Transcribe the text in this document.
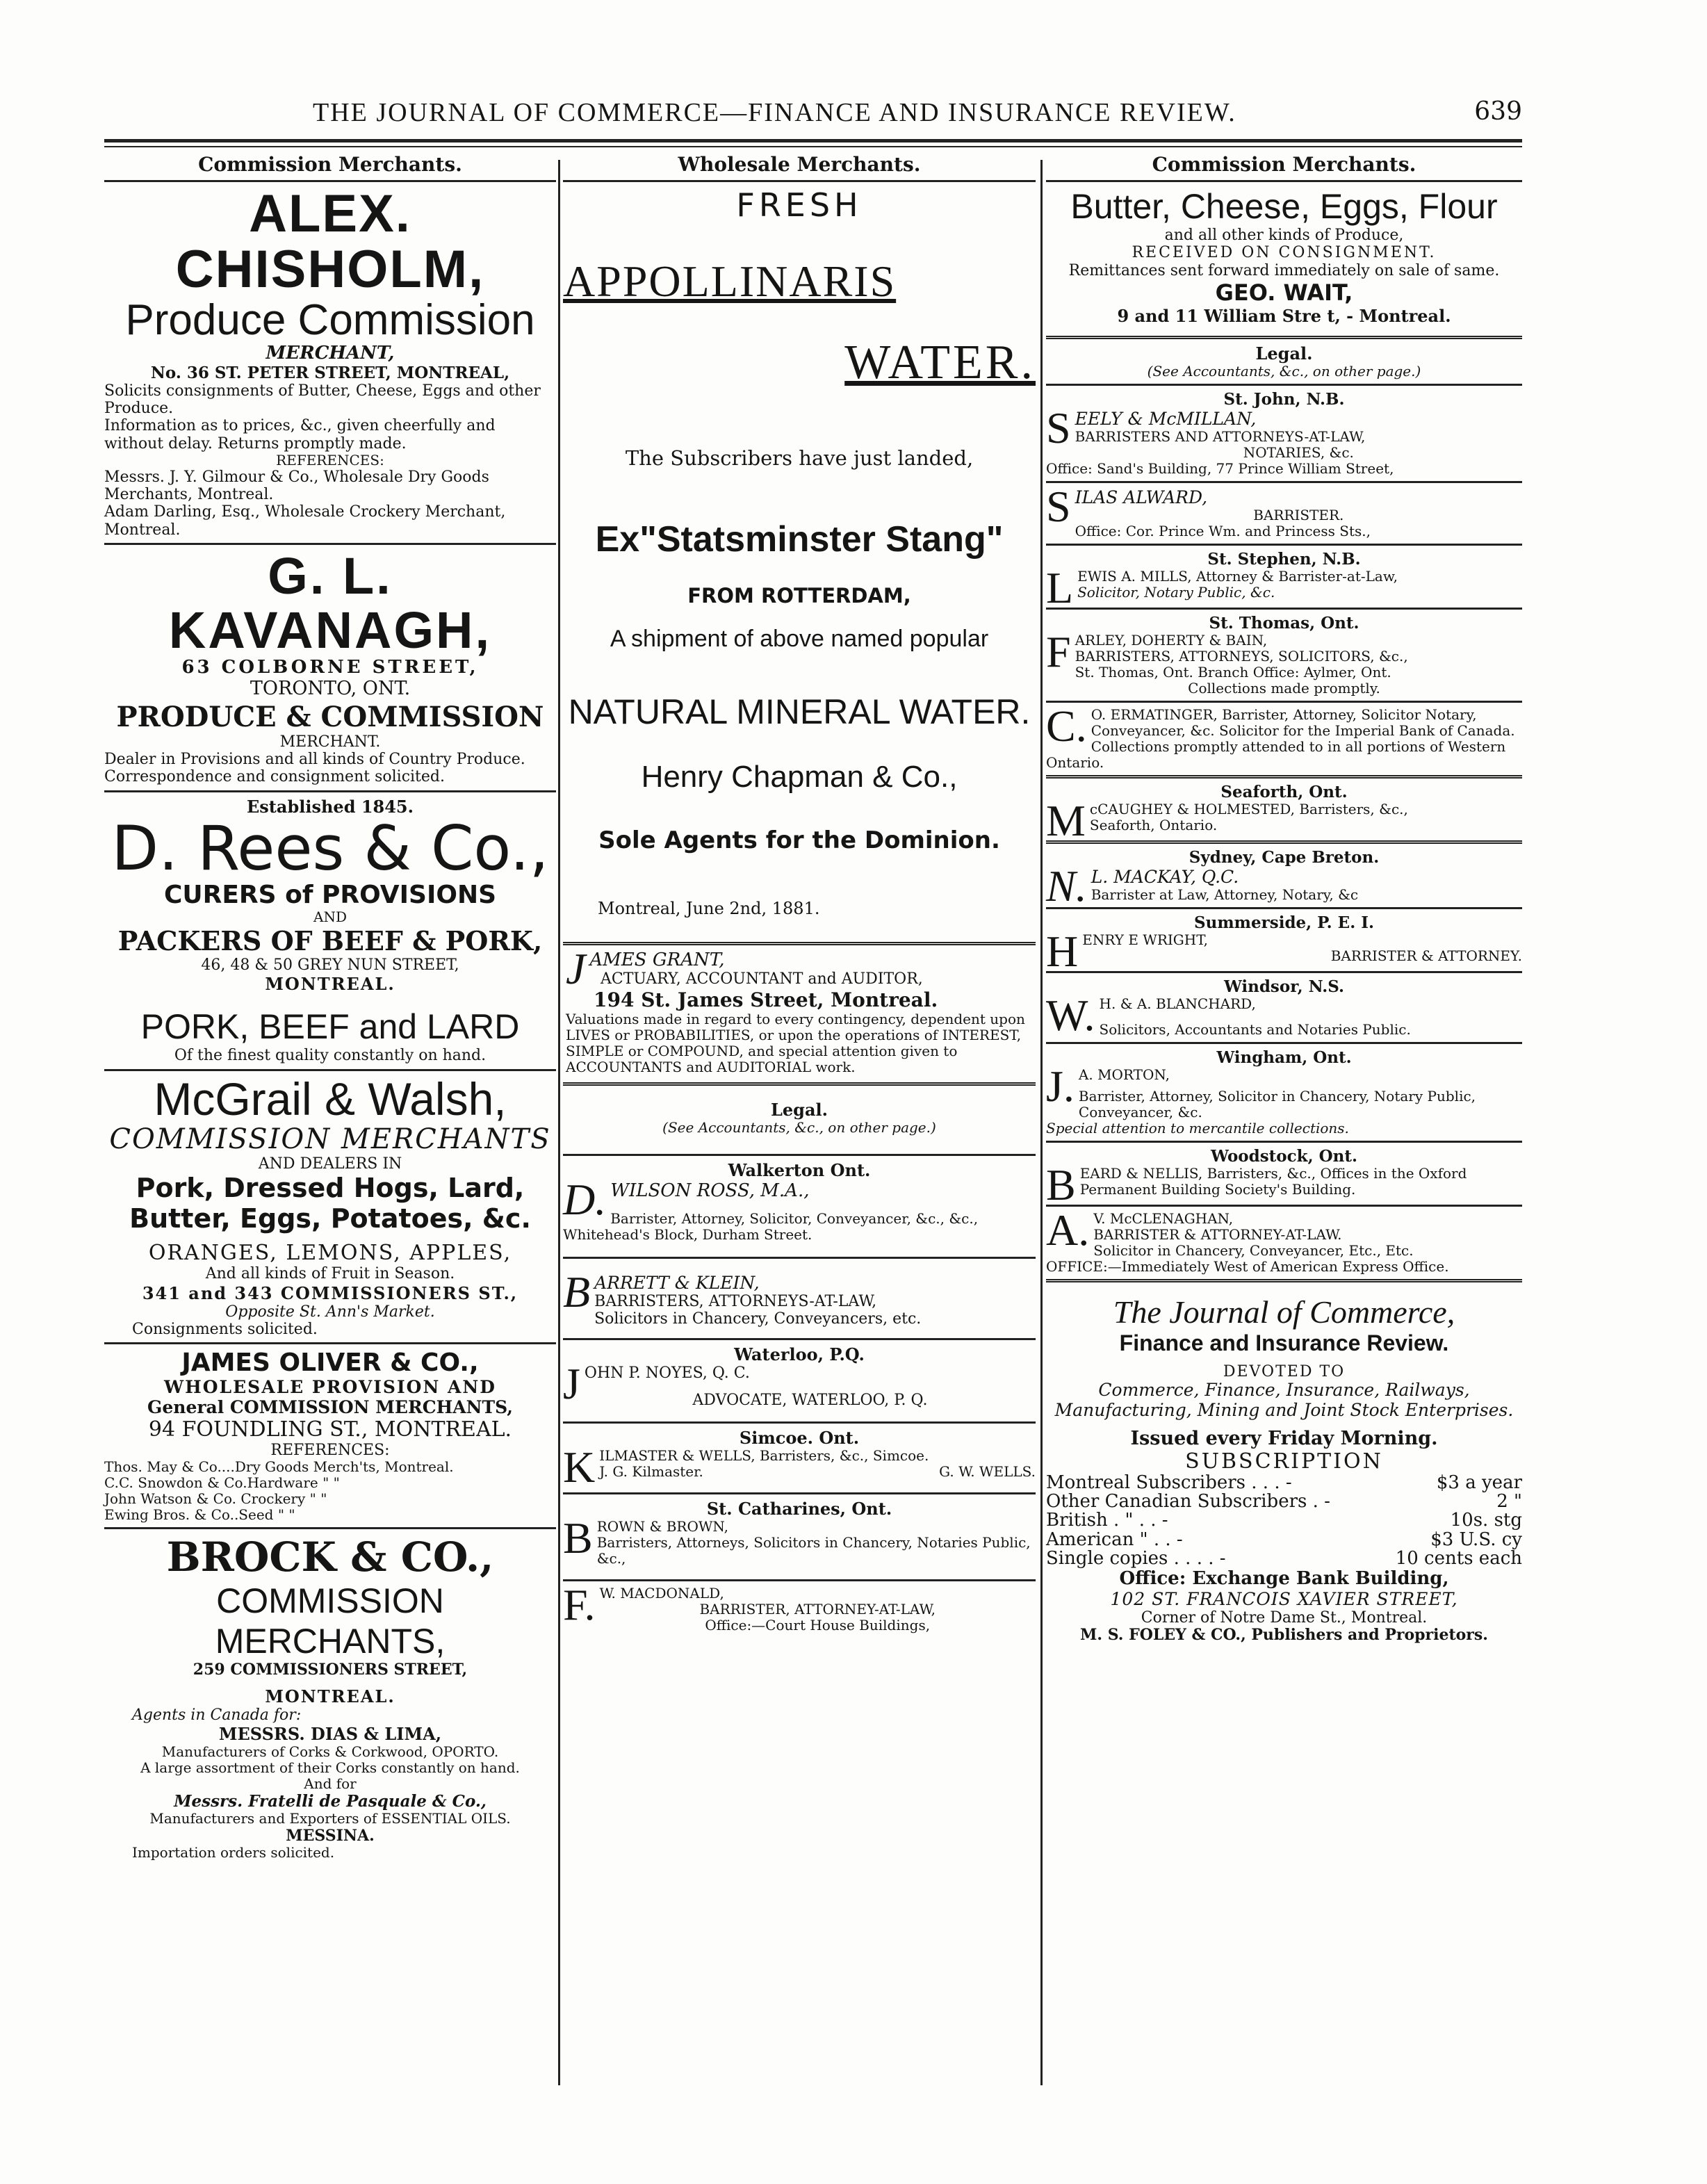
THE JOURNAL OF COMMERCE—FINANCE AND INSURANCE REVIEW.	639
Commission Merchants.
ALEX. CHISHOLM,
Produce Commission
MERCHANT,
No. 36 ST. PETER STREET, MONTREAL,
Solicits consignments of Butter, Cheese, Eggs and other Produce.
Information as to prices, &c., given cheerfully and without delay. Returns promptly made.
REFERENCES:
Messrs. J. Y. Gilmour & Co., Wholesale Dry Goods Merchants, Montreal.
Adam Darling, Esq., Wholesale Crockery Merchant, Montreal.
G. L. KAVANAGH,
63 COLBORNE STREET,
TORONTO, ONT.
PRODUCE & COMMISSION
MERCHANT.
Dealer in Provisions and all kinds of Country Produce. Correspondence and consignment solicited.
Established 1845.
D. Rees & Co.,
CURERS of PROVISIONS
AND
PACKERS OF BEEF & PORK,
46, 48 & 50 GREY NUN STREET,
MONTREAL.
PORK, BEEF and LARD
Of the finest quality constantly on hand.
McGrail & Walsh,
COMMISSION MERCHANTS
AND DEALERS IN
Pork, Dressed Hogs, Lard,
Butter, Eggs, Potatoes, &c.
ORANGES, LEMONS, APPLES,
And all kinds of Fruit in Season.
341 and 343 COMMISSIONERS ST.,
Opposite St. Ann's Market.
Consignments solicited.
JAMES OLIVER & CO.,
WHOLESALE PROVISION AND
General COMMISSION MERCHANTS,
94 FOUNDLING ST., MONTREAL.
REFERENCES:
Thos. May & Co....Dry Goods Merch'ts, Montreal.
C.C. Snowdon & Co.Hardware " "
John Watson & Co. Crockery " "
Ewing Bros. & Co..Seed " "
BROCK & CO.,
COMMISSION MERCHANTS,
259 COMMISSIONERS STREET,
MONTREAL.
Agents in Canada for:
MESSRS. DIAS & LIMA,
Manufacturers of Corks & Corkwood, OPORTO.
A large assortment of their Corks constantly on hand.
And for
Messrs. Fratelli de Pasquale & Co.,
Manufacturers and Exporters of ESSENTIAL OILS.
MESSINA.
Importation orders solicited.
Wholesale Merchants.
FRESH
APPOLLINARIS
WATER.
The Subscribers have just landed,
Ex"Statsminster Stang"
FROM ROTTERDAM,
A shipment of above named popular
NATURAL MINERAL WATER.
Henry Chapman & Co.,
Sole Agents for the Dominion.
Montreal, June 2nd, 1881.
J AMES GRANT,
ACTUARY, ACCOUNTANT and AUDITOR,
194 St. James Street, Montreal.
Valuations made in regard to every contingency, dependent upon LIVES or PROBABILITIES, or upon the operations of INTEREST, SIMPLE or COMPOUND, and special attention given to ACCOUNTANTS and AUDITORIAL work.
Legal.
(See Accountants, &c., on other page.)
Walkerton Ont.
D. WILSON ROSS, M.A.,
Barrister, Attorney, Solicitor, Conveyancer, &c., &c., Whitehead's Block, Durham Street.
B ARRETT & KLEIN,
BARRISTERS, ATTORNEYS-AT-LAW,
Solicitors in Chancery, Conveyancers, etc.
Waterloo, P.Q.
J OHN P. NOYES, Q. C.
ADVOCATE, WATERLOO, P. Q.
Simcoe. Ont.
K ILMASTER & WELLS, Barristers, &c., Simcoe.
J. G. Kilmaster.	G. W. WELLS.
St. Catharines, Ont.
B ROWN & BROWN,
Barristers, Attorneys, Solicitors in Chancery, Notaries Public, &c.,
F. W. MACDONALD,
BARRISTER, ATTORNEY-AT-LAW,
Office:—Court House Buildings,
Commission Merchants.
Butter, Cheese, Eggs, Flour
and all other kinds of Produce,
RECEIVED ON CONSIGNMENT.
Remittances sent forward immediately on sale of same.
GEO. WAIT,
9 and 11 William Stre t, - Montreal.
Legal.
(See Accountants, &c., on other page.)
St. John, N.B.
S EELY & McMILLAN,
BARRISTERS AND ATTORNEYS-AT-LAW,
NOTARIES, &c.
Office: Sand's Building, 77 Prince William Street,
S ILAS ALWARD,
BARRISTER.
Office: Cor. Prince Wm. and Princess Sts.,
St. Stephen, N.B.
L EWIS A. MILLS, Attorney & Barrister-at-Law,
Solicitor, Notary Public, &c.
St. Thomas, Ont.
F ARLEY, DOHERTY & BAIN,
BARRISTERS, ATTORNEYS, SOLICITORS, &c.,
St. Thomas, Ont. Branch Office: Aylmer, Ont.
Collections made promptly.
C. O. ERMATINGER, Barrister, Attorney, Solicitor Notary, Conveyancer, &c. Solicitor for the Imperial Bank of Canada. Collections promptly attended to in all portions of Western Ontario.
Seaforth, Ont.
M cCAUGHEY & HOLMESTED, Barristers, &c.,
Seaforth, Ontario.
Sydney, Cape Breton.
N. L. MACKAY, Q.C.
Barrister at Law, Attorney, Notary, &c
Summerside, P. E. I.
H ENRY E WRIGHT,
BARRISTER & ATTORNEY.
Windsor, N.S.
W. H. & A. BLANCHARD,
Solicitors, Accountants and Notaries Public.
Wingham, Ont.
J. A. MORTON,
Barrister, Attorney, Solicitor in Chancery, Notary Public, Conveyancer, &c.
Special attention to mercantile collections.
Woodstock, Ont.
B EARD & NELLIS, Barristers, &c., Offices in the Oxford Permanent Building Society's Building.
A. V. McCLENAGHAN,
BARRISTER & ATTORNEY-AT-LAW.
Solicitor in Chancery, Conveyancer, Etc., Etc.
OFFICE:—Immediately West of American Express Office.
The Journal of Commerce,
Finance and Insurance Review.
DEVOTED TO
Commerce, Finance, Insurance, Railways, Manufacturing, Mining and Joint Stock Enterprises.
Issued every Friday Morning.
SUBSCRIPTION
Montreal Subscribers . . . -	$3 a year
Other Canadian Subscribers . -	2 "
British . " . . -	10s. stg
American " . . -	$3 U.S. cy
Single copies . . . . -	10 cents each
Office: Exchange Bank Building,
102 ST. FRANCOIS XAVIER STREET,
Corner of Notre Dame St., Montreal.
M. S. FOLEY & CO., Publishers and Proprietors.
